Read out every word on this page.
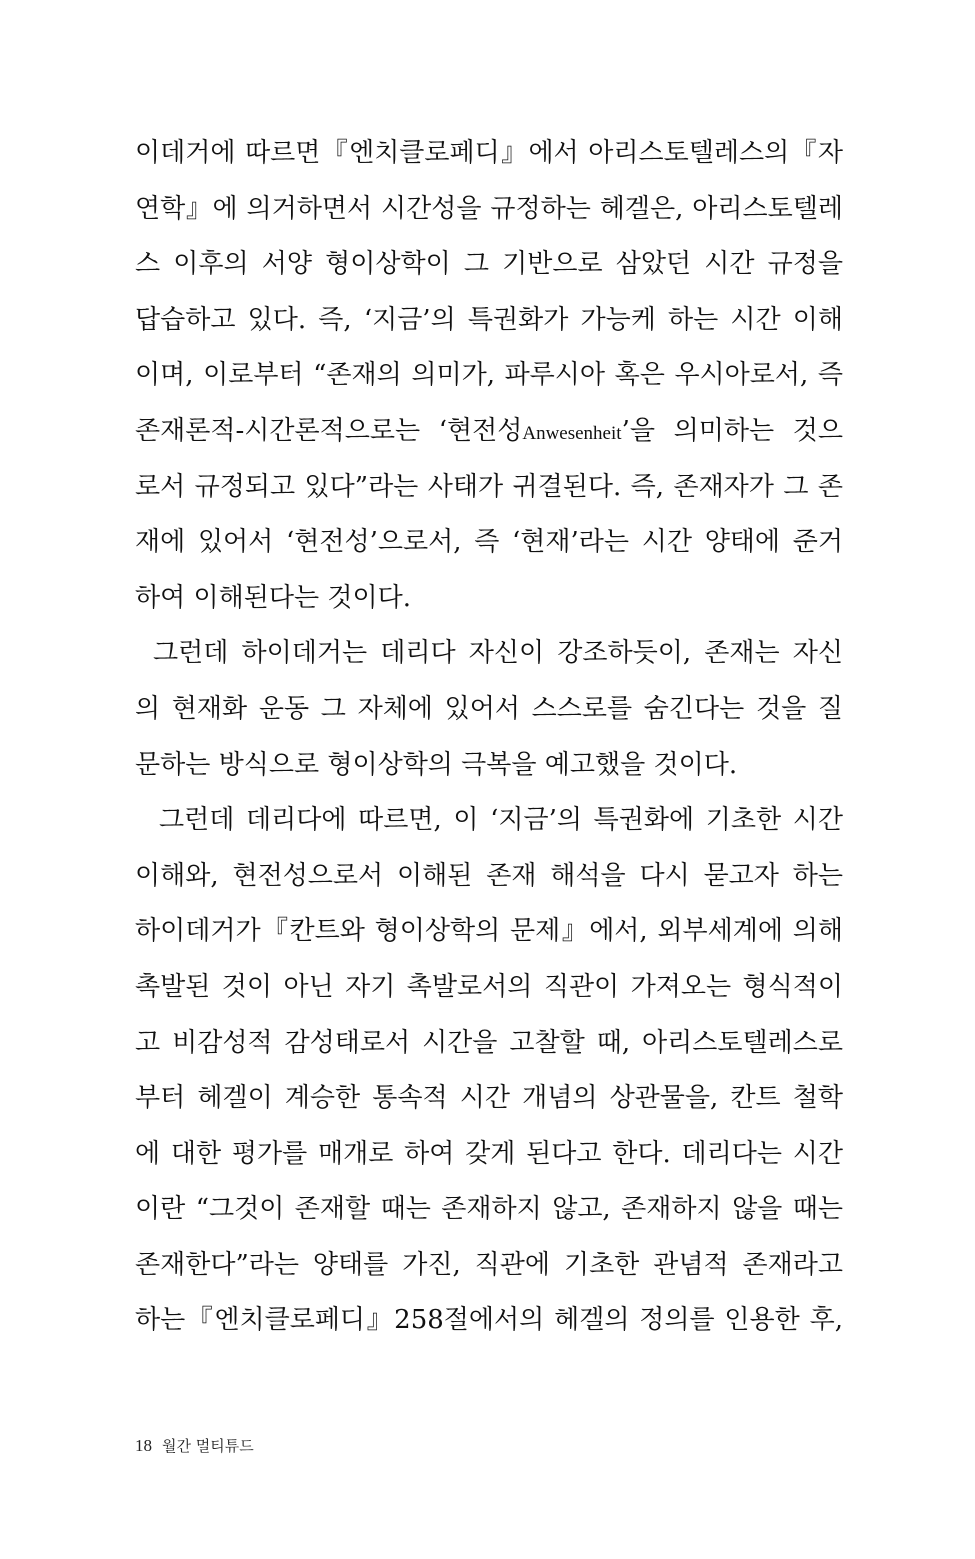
이데거에 따르면『엔치클로페디』에서 아리스토텔레스의『자
연학』에 의거하면서 시간성을 규정하는 헤겔은, 아리스토텔레
스 이후의 서양 형이상학이 그 기반으로 삼았던 시간 규정을
답습하고 있다. 즉, ‘지금’의 특권화가 가능케 하는 시간 이해
이며, 이로부터 “존재의 의미가, 파루시아 혹은 우시아로서, 즉
존재론적-시간론적으로는 ‘현전성Anwesenheit’을 의미하는 것으
로서 규정되고 있다”라는 사태가 귀결된다. 즉, 존재자가 그 존
재에 있어서 ‘현전성’으로서, 즉 ‘현재’라는 시간 양태에 준거
하여 이해된다는 것이다.
그런데 하이데거는 데리다 자신이 강조하듯이, 존재는 자신
의 현재화 운동 그 자체에 있어서 스스로를 숨긴다는 것을 질
문하는 방식으로 형이상학의 극복을 예고했을 것이다.
그런데 데리다에 따르면, 이 ‘지금’의 특권화에 기초한 시간
이해와, 현전성으로서 이해된 존재 해석을 다시 묻고자 하는
하이데거가『칸트와 형이상학의 문제』에서, 외부세계에 의해
촉발된 것이 아닌 자기 촉발로서의 직관이 가져오는 형식적이
고 비감성적 감성태로서 시간을 고찰할 때, 아리스토텔레스로
부터 헤겔이 계승한 통속적 시간 개념의 상관물을, 칸트 철학
에 대한 평가를 매개로 하여 갖게 된다고 한다. 데리다는 시간
이란 “그것이 존재할 때는 존재하지 않고, 존재하지 않을 때는
존재한다”라는 양태를 가진, 직관에 기초한 관념적 존재라고
하는『엔치클로페디』258절에서의 헤겔의 정의를 인용한 후,
18 월간 멀티튜드
